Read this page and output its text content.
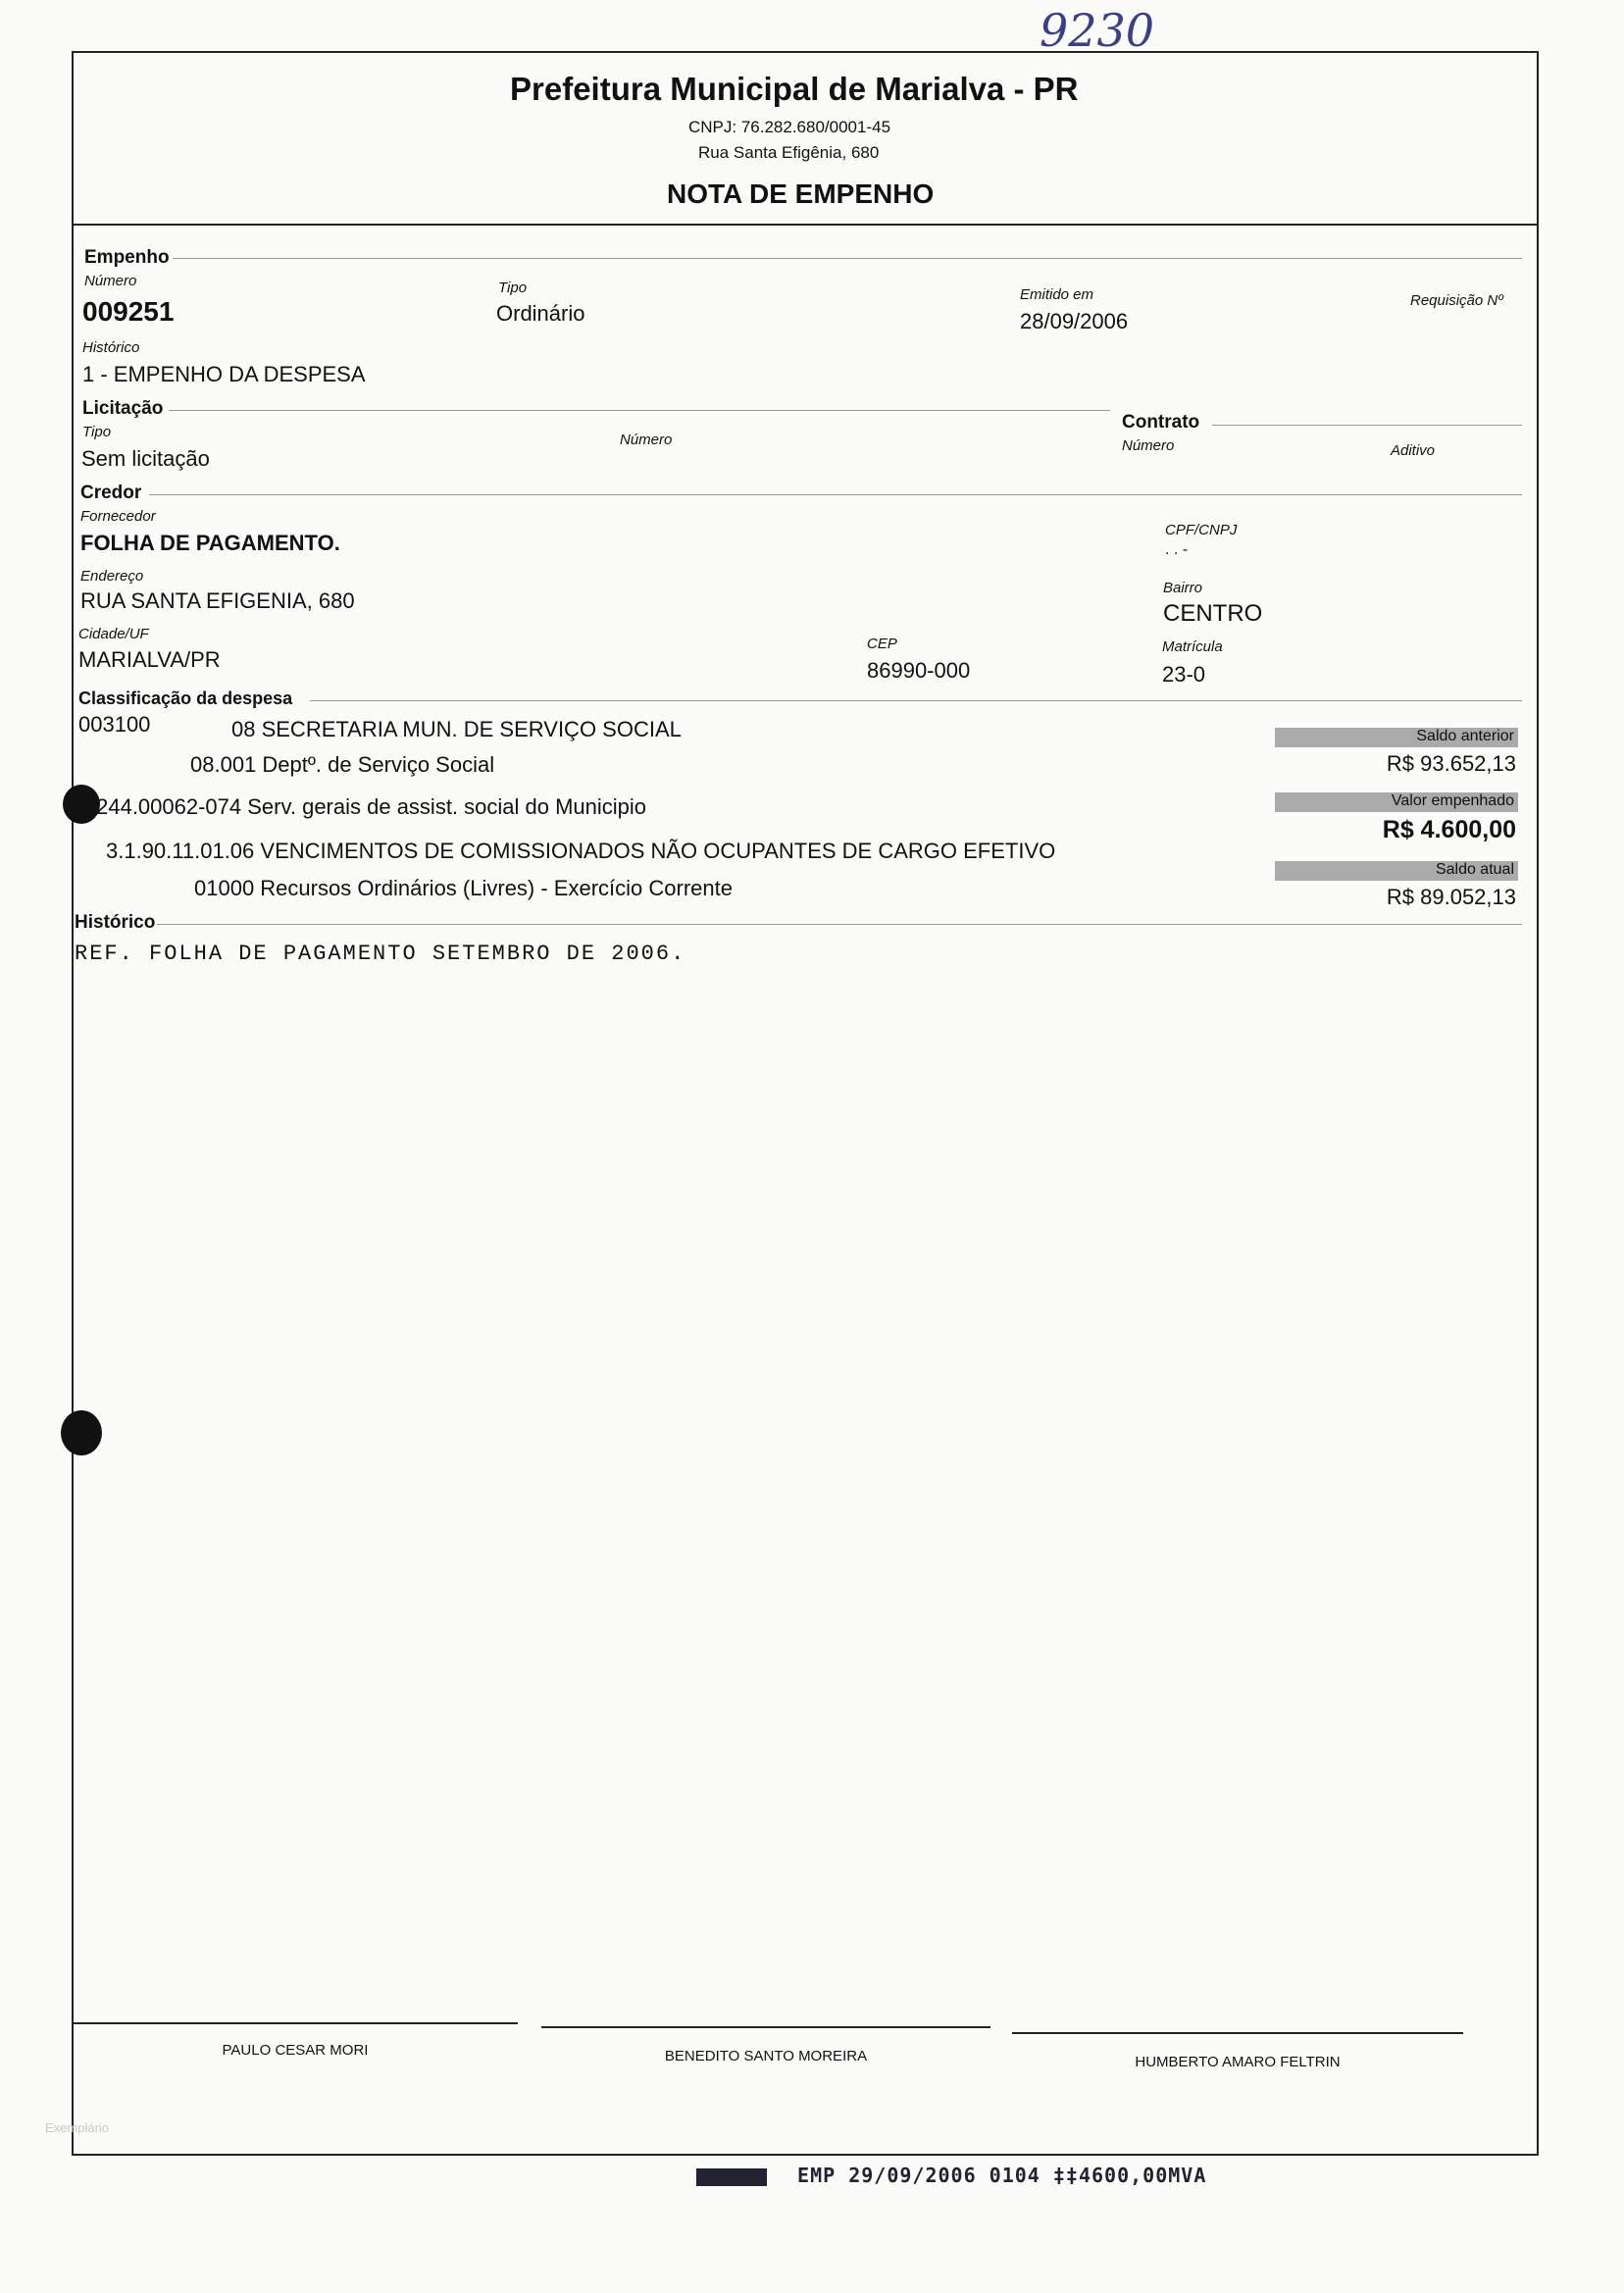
9230
Prefeitura Municipal de Marialva - PR
CNPJ: 76.282.680/0001-45
Rua Santa Efigênia, 680
NOTA DE EMPENHO
Empenho
Número
009251
Tipo
Ordinário
Emitido em
28/09/2006
Requisição Nº
Histórico
1 - EMPENHO DA DESPESA
Licitação
Tipo
Sem licitação
Número
Contrato
Número	Aditivo
Credor
Fornecedor
FOLHA DE PAGAMENTO.
CPF/CNPJ
. . -
Endereço
RUA SANTA EFIGENIA, 680
Bairro
CENTRO
Cidade/UF
MARIALVA/PR
CEP
86990-000
Matrícula
23-0
Classificação da despesa
003100	08 SECRETARIA MUN. DE SERVIÇO SOCIAL
08.001 Deptº. de Serviço Social
.244.00062-074 Serv. gerais de assist. social do Municipio
3.1.90.11.01.06 VENCIMENTOS DE COMISSIONADOS NÃO OCUPANTES DE CARGO EFETIVO
01000 Recursos Ordinários (Livres) - Exercício Corrente
Saldo anterior
R$ 93.652,13
Valor empenhado
R$ 4.600,00
Saldo atual
R$ 89.052,13
Histórico
REF. FOLHA DE PAGAMENTO SETEMBRO DE 2006.
PAULO CESAR MORI	BENEDITO SANTO MOREIRA	HUMBERTO AMARO FELTRIN
Exemplário
EMP 29/09/2006 0104 ‡‡4600,00MVA
